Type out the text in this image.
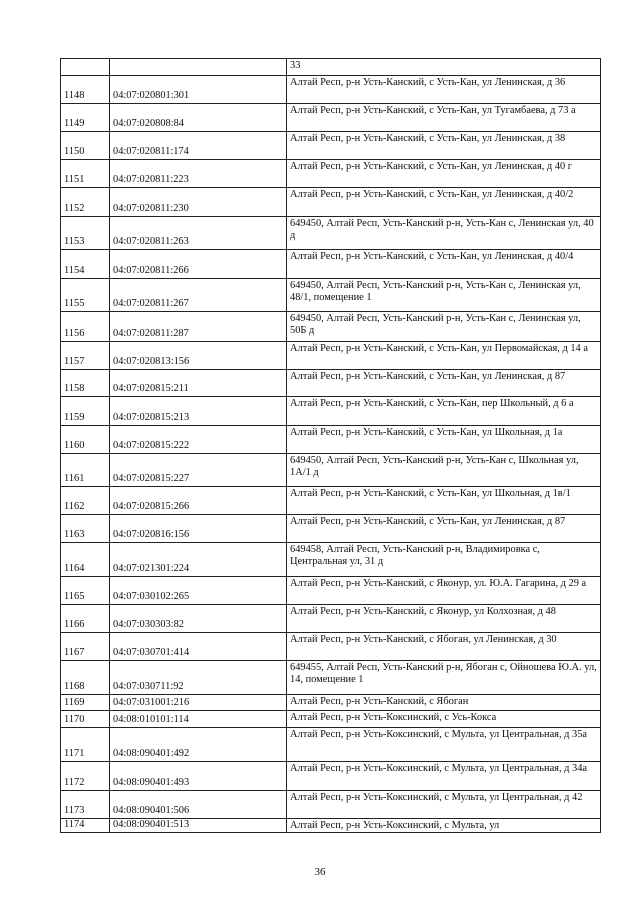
		33
1148	04:07:020801:301	Алтай Респ, р-н Усть-Канский, с Усть-Кан, ул Ленинская, д 36
1149	04:07:020808:84	Алтай Респ, р-н Усть-Канский, с Усть-Кан, ул Тугамбаева, д 73 а
1150	04:07:020811:174	Алтай Респ, р-н Усть-Канский, с Усть-Кан, ул Ленинская, д 38
1151	04:07:020811:223	Алтай Респ, р-н Усть-Канский, с Усть-Кан, ул Ленинская, д 40 г
1152	04:07:020811:230	Алтай Респ, р-н Усть-Канский, с Усть-Кан, ул Ленинская, д 40/2
1153	04:07:020811:263	649450, Алтай Респ, Усть-Канский р-н, Усть-Кан с, Ленинская ул, 40 д
1154	04:07:020811:266	Алтай Респ, р-н Усть-Канский, с Усть-Кан, ул Ленинская, д 40/4
1155	04:07:020811:267	649450, Алтай Респ, Усть-Канский р-н, Усть-Кан с, Ленинская ул, 48/1, помещение 1
1156	04:07:020811:287	649450, Алтай Респ, Усть-Канский р-н, Усть-Кан с, Ленинская ул, 50Б д
1157	04:07:020813:156	Алтай Респ, р-н Усть-Канский, с Усть-Кан, ул Первомайская, д 14 а
1158	04:07:020815:211	Алтай Респ, р-н Усть-Канский, с Усть-Кан, ул Ленинская, д 87
1159	04:07:020815:213	Алтай Респ, р-н Усть-Канский, с Усть-Кан, пер Школьный, д 6 а
1160	04:07:020815:222	Алтай Респ, р-н Усть-Канский, с Усть-Кан, ул Школьная, д 1а
1161	04:07:020815:227	649450, Алтай Респ, Усть-Канский р-н, Усть-Кан с, Школьная ул, 1А/1 д
1162	04:07:020815:266	Алтай Респ, р-н Усть-Канский, с Усть-Кан, ул Школьная, д 1в/1
1163	04:07:020816:156	Алтай Респ, р-н Усть-Канский, с Усть-Кан, ул Ленинская, д 87
1164	04:07:021301:224	649458, Алтай Респ, Усть-Канский р-н, Владимировка с, Центральная ул, 31 д
1165	04:07:030102:265	Алтай Респ, р-н Усть-Канский, с Яконур, ул. Ю.А. Гагарина, д 29 а
1166	04:07:030303:82	Алтай Респ, р-н Усть-Канский, с Яконур, ул Колхозная, д 48
1167	04:07:030701:414	Алтай Респ, р-н Усть-Канский, с Ябоган, ул Ленинская, д 30
1168	04:07:030711:92	649455, Алтай Респ, Усть-Канский р-н, Ябоган с, Ойношева Ю.А. ул, 14, помещение 1
1169	04:07:031001:216	Алтай Респ, р-н Усть-Канский, с Ябоган
1170	04:08:010101:114	Алтай Респ, р-н Усть-Коксинский, с Усь-Кокса
1171	04:08:090401:492	Алтай Респ, р-н Усть-Коксинский, с Мульта, ул Центральная, д 35а
1172	04:08:090401:493	Алтай Респ, р-н Усть-Коксинский, с Мульта, ул Центральная, д 34а
1173	04:08:090401:506	Алтай Респ, р-н Усть-Коксинский, с Мульта, ул Центральная, д 42
1174	04:08:090401:513	Алтай Респ, р-н Усть-Коксинский, с Мульта, ул
36
